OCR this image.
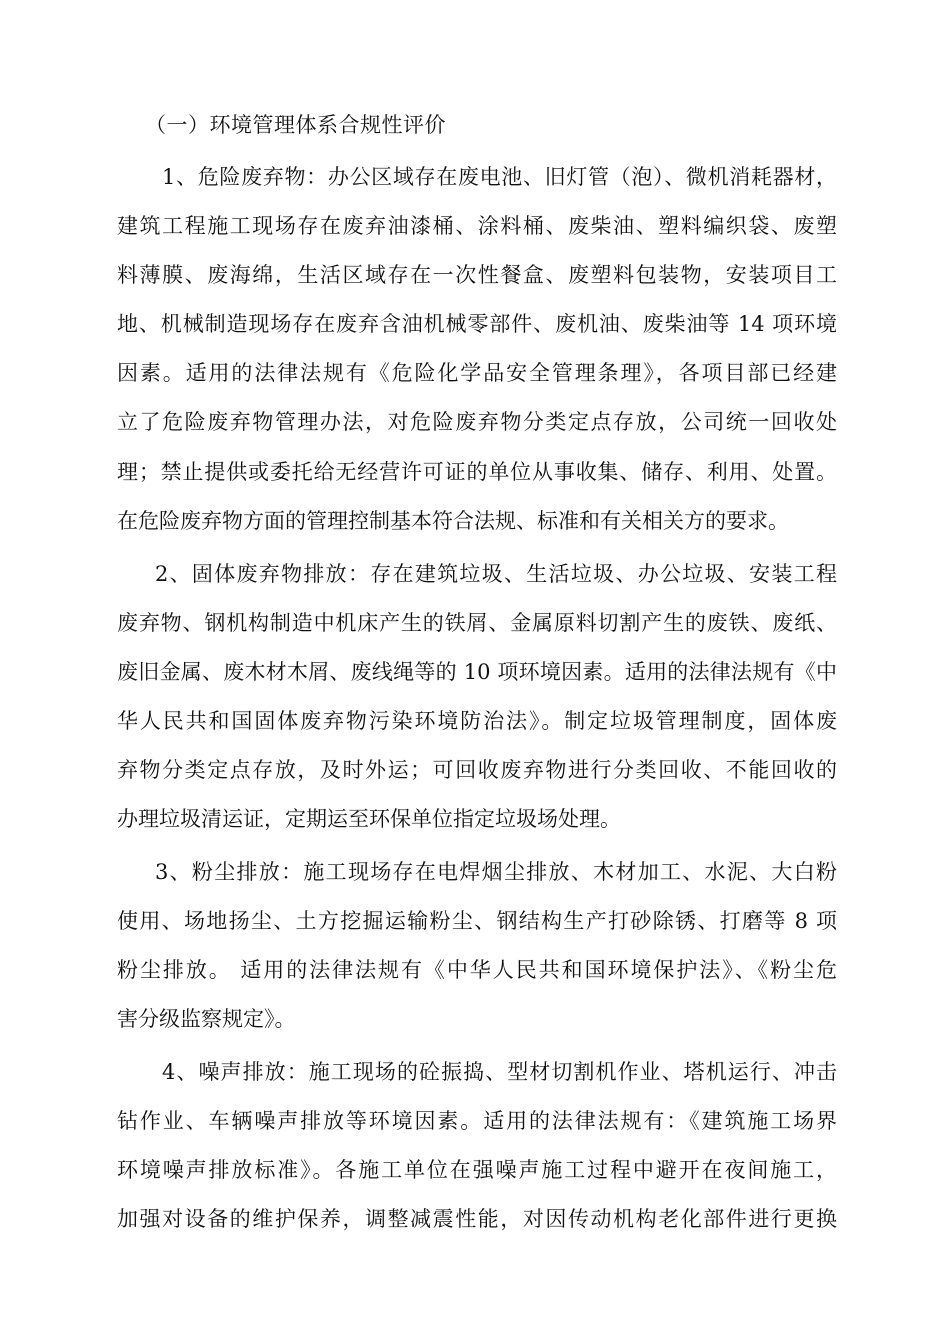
（一）环境管理体系合规性评价
1、危险废弃物：办公区域存在废电池、旧灯管（泡）、微机消耗器材，
建筑工程施工现场存在废弃油漆桶、涂料桶、废柴油、塑料编织袋、废塑
料薄膜、废海绵，生活区域存在一次性餐盒、废塑料包装物，安装项目工
地、机械制造现场存在废弃含油机械零部件、废机油、废柴油等 14 项环境
因素。适用的法律法规有《危险化学品安全管理条理》，各项目部已经建
立了危险废弃物管理办法，对危险废弃物分类定点存放，公司统一回收处
理；禁止提供或委托给无经营许可证的单位从事收集、储存、利用、处置。
在危险废弃物方面的管理控制基本符合法规、标准和有关相关方的要求。
2、固体废弃物排放：存在建筑垃圾、生活垃圾、办公垃圾、安装工程
废弃物、钢机构制造中机床产生的铁屑、金属原料切割产生的废铁、废纸、
废旧金属、废木材木屑、废线绳等的 10 项环境因素。适用的法律法规有《中
华人民共和国固体废弃物污染环境防治法》。制定垃圾管理制度，固体废
弃物分类定点存放，及时外运；可回收废弃物进行分类回收、不能回收的
办理垃圾清运证，定期运至环保单位指定垃圾场处理。
3、粉尘排放：施工现场存在电焊烟尘排放、木材加工、水泥、大白粉
使用、场地扬尘、土方挖掘运输粉尘、钢结构生产打砂除锈、打磨等 8 项
粉尘排放。 适用的法律法规有《中华人民共和国环境保护法》、《粉尘危
害分级监察规定》。
4、噪声排放：施工现场的砼振捣、型材切割机作业、塔机运行、冲击
钻作业、车辆噪声排放等环境因素。适用的法律法规有：《建筑施工场界
环境噪声排放标准》。各施工单位在强噪声施工过程中避开在夜间施工，
加强对设备的维护保养，调整减震性能，对因传动机构老化部件进行更换
